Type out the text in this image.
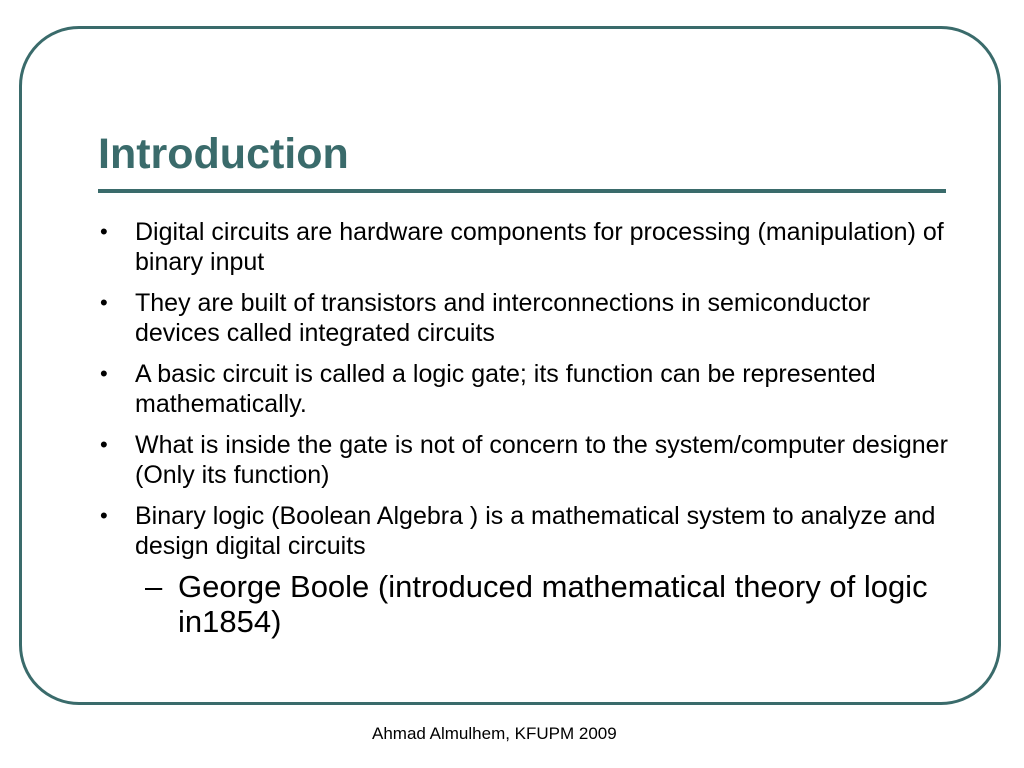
Introduction
• Digital circuits are hardware components for processing (manipulation) of binary input
• They are built of transistors and interconnections in semiconductor devices called integrated circuits
• A basic circuit is called a logic gate; its function can be represented mathematically.
• What is inside the gate is not of concern to the system/computer designer (Only its function)
• Binary logic (Boolean Algebra ) is a mathematical system to analyze and design digital circuits
– George Boole (introduced mathematical theory of logic in1854)
Ahmad Almulhem, KFUPM 2009
